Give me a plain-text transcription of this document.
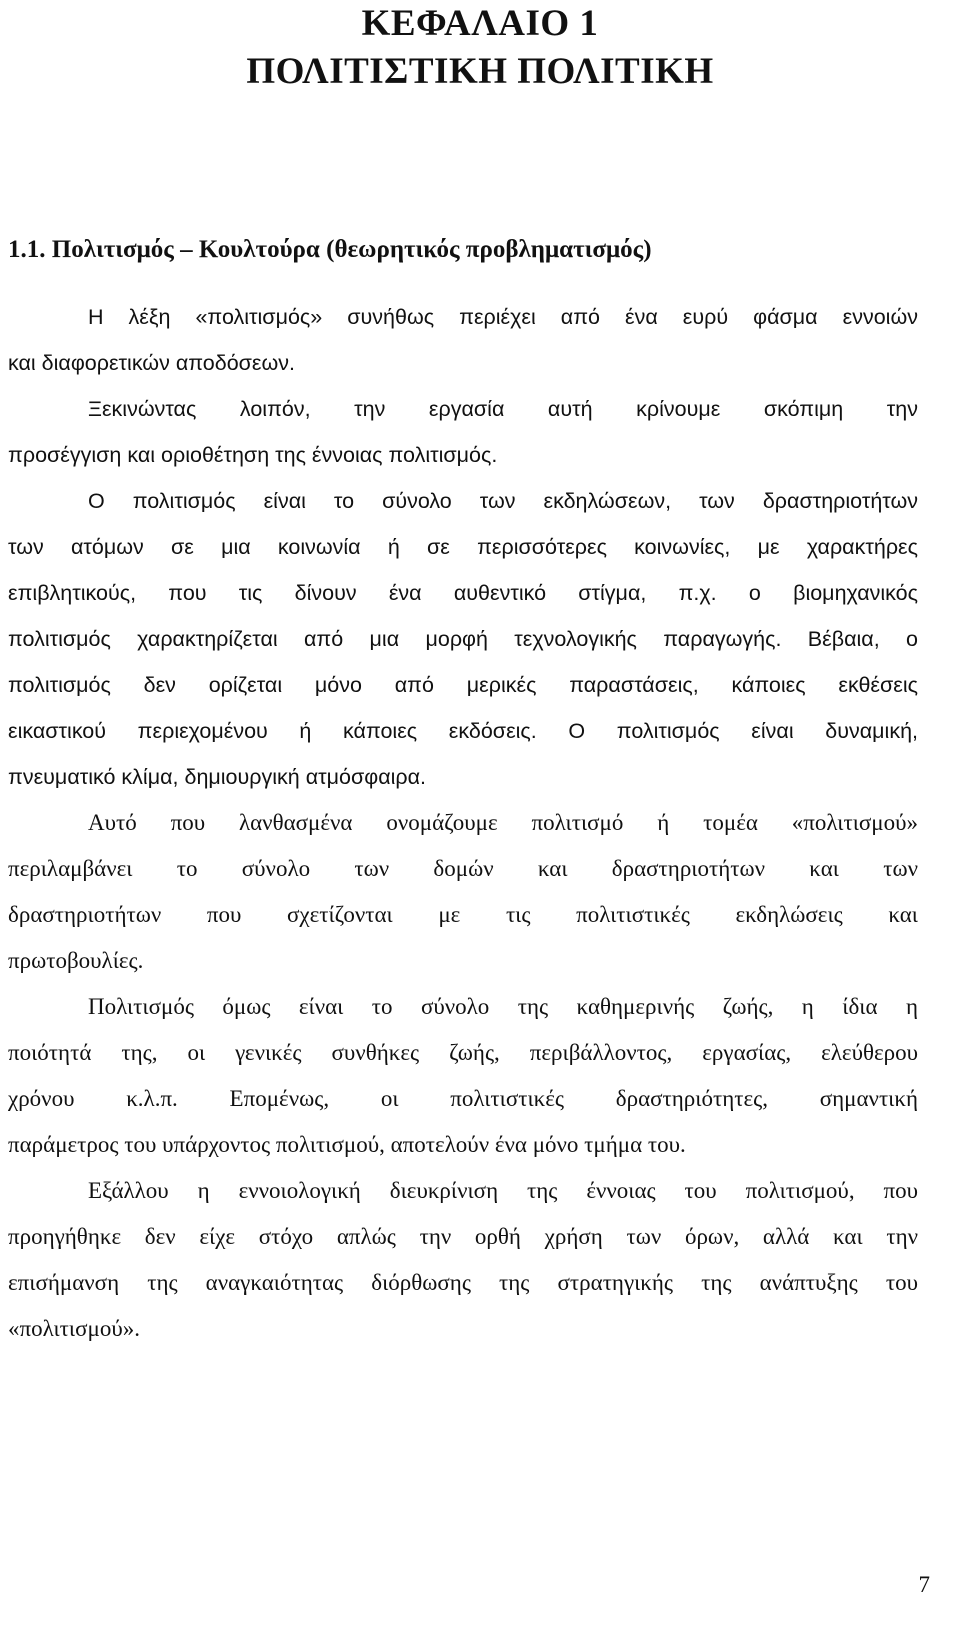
ΚΕΦΑΛΑΙΟ 1
ΠΟΛΙΤΙΣΤΙΚΗ ΠΟΛΙΤΙΚΗ
1.1. Πολιτισμός – Κουλτούρα (θεωρητικός προβληματισμός)

Η λέξη «πολιτισμός» συνήθως περιέχει από ένα ευρύ φάσμα εννοιών
και διαφορετικών αποδόσεων.

Ξεκινώντας λοιπόν, την εργασία αυτή κρίνουμε σκόπιμη την
προσέγγιση και οριοθέτηση της έννοιας πολιτισμός.

Ο πολιτισμός είναι το σύνολο των εκδηλώσεων, των δραστηριοτήτων
των ατόμων σε μια κοινωνία ή σε περισσότερες κοινωνίες, με χαρακτήρες
επιβλητικούς, που τις δίνουν ένα αυθεντικό στίγμα, π.χ. ο βιομηχανικός
πολιτισμός χαρακτηρίζεται από μια μορφή τεχνολογικής παραγωγής. Βέβαια, ο
πολιτισμός δεν ορίζεται μόνο από μερικές παραστάσεις, κάποιες εκθέσεις
εικαστικού περιεχομένου ή κάποιες εκδόσεις. Ο πολιτισμός είναι δυναμική,
πνευματικό κλίμα, δημιουργική ατμόσφαιρα.

Αυτό που λανθασμένα ονομάζουμε πολιτισμό ή τομέα «πολιτισμού»
περιλαμβάνει το σύνολο των δομών και δραστηριοτήτων και των
δραστηριοτήτων που σχετίζονται με τις πολιτιστικές εκδηλώσεις και
πρωτοβουλίες.

Πολιτισμός όμως είναι το σύνολο της καθημερινής ζωής, η ίδια η
ποιότητά της, οι γενικές συνθήκες ζωής, περιβάλλοντος, εργασίας, ελεύθερου
χρόνου κ.λ.π. Επομένως, οι πολιτιστικές δραστηριότητες, σημαντική
παράμετρος του υπάρχοντος πολιτισμού, αποτελούν ένα μόνο τμήμα του.

Εξάλλου η εννοιολογική διευκρίνιση της έννοιας του πολιτισμού, που
προηγήθηκε δεν είχε στόχο απλώς την ορθή χρήση των όρων, αλλά και την
επισήμανση της αναγκαιότητας διόρθωσης της στρατηγικής της ανάπτυξης του
«πολιτισμού».

7
